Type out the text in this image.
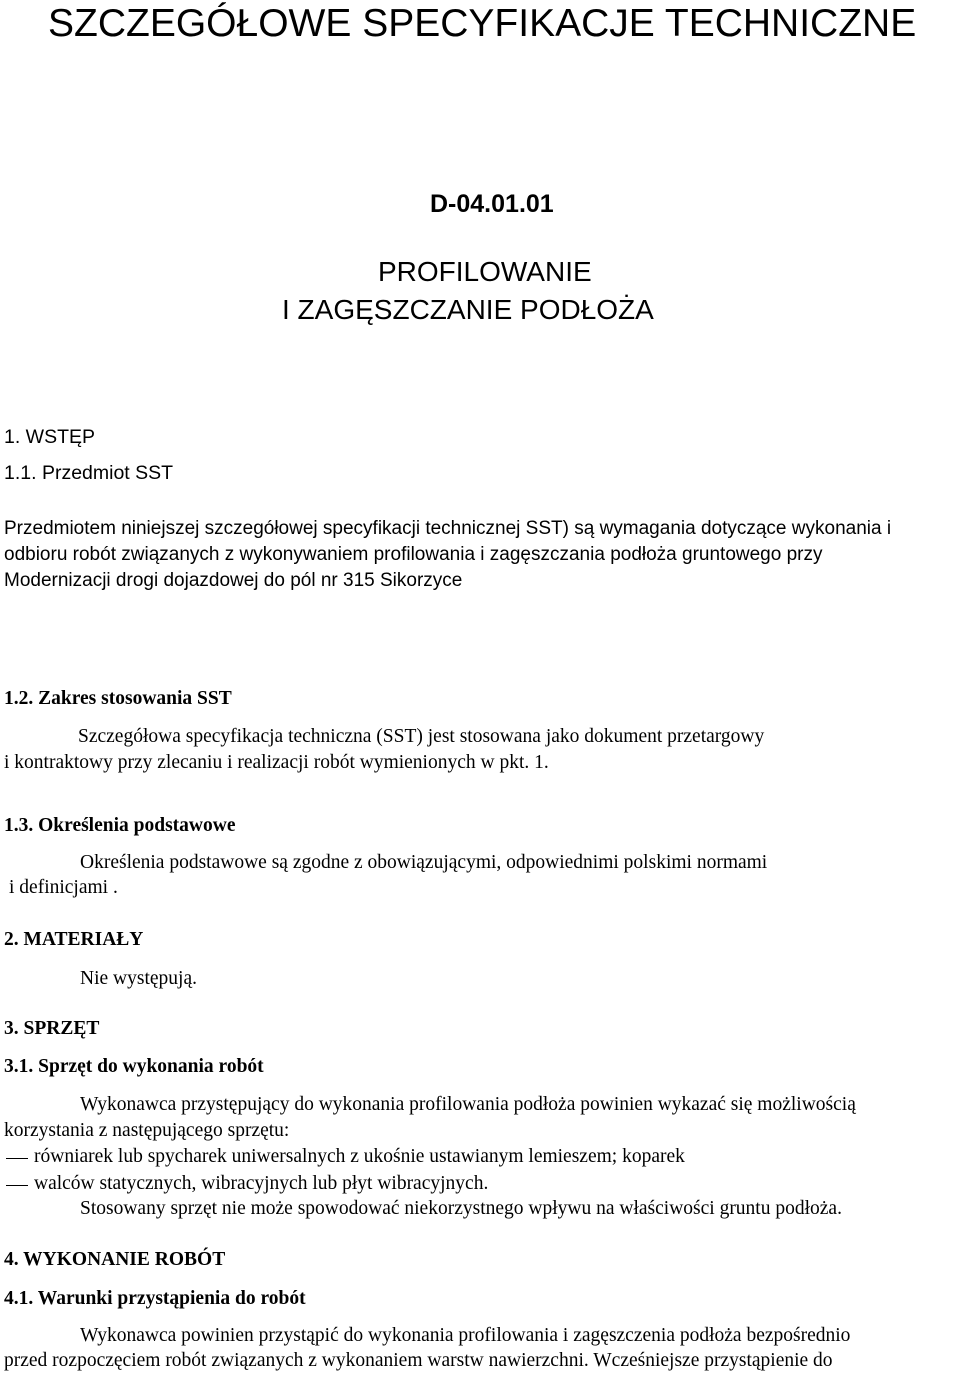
SZCZEGÓŁOWE SPECYFIKACJE TECHNICZNE

D-04.01.01

PROFILOWANIE

I ZAGĘSZCZANIE PODŁOŻA

1. WSTĘP

1.1. Przedmiot SST

Przedmiotem niniejszej szczegółowej specyfikacji technicznej SST) są wymagania dotyczące wykonania i

odbioru robót związanych z wykonywaniem profilowania i zagęszczania podłoża gruntowego przy

Modernizacji drogi dojazdowej do pól nr 315 Sikorzyce

1.2. Zakres stosowania SST

Szczegółowa specyfikacja techniczna (SST) jest stosowana jako dokument przetargowy

i kontraktowy przy zlecaniu i realizacji robót wymienionych w pkt. 1.

1.3. Określenia podstawowe

Określenia podstawowe są zgodne z obowiązującymi, odpowiednimi polskimi normami

i definicjami .

2. MATERIAŁY

Nie występują.

3. SPRZĘT

3.1. Sprzęt do wykonania robót

Wykonawca przystępujący do wykonania profilowania podłoża powinien wykazać się możliwością

korzystania z następującego sprzętu:

równiarek lub spycharek uniwersalnych z ukośnie ustawianym lemieszem; koparek

walców statycznych, wibracyjnych lub płyt wibracyjnych.

Stosowany sprzęt nie może spowodować niekorzystnego wpływu na właściwości gruntu podłoża.

4. WYKONANIE ROBÓT

4.1. Warunki przystąpienia do robót

Wykonawca powinien przystąpić do wykonania profilowania i zagęszczenia podłoża bezpośrednio

przed rozpoczęciem robót związanych z wykonaniem warstw nawierzchni. Wcześniejsze przystąpienie do
